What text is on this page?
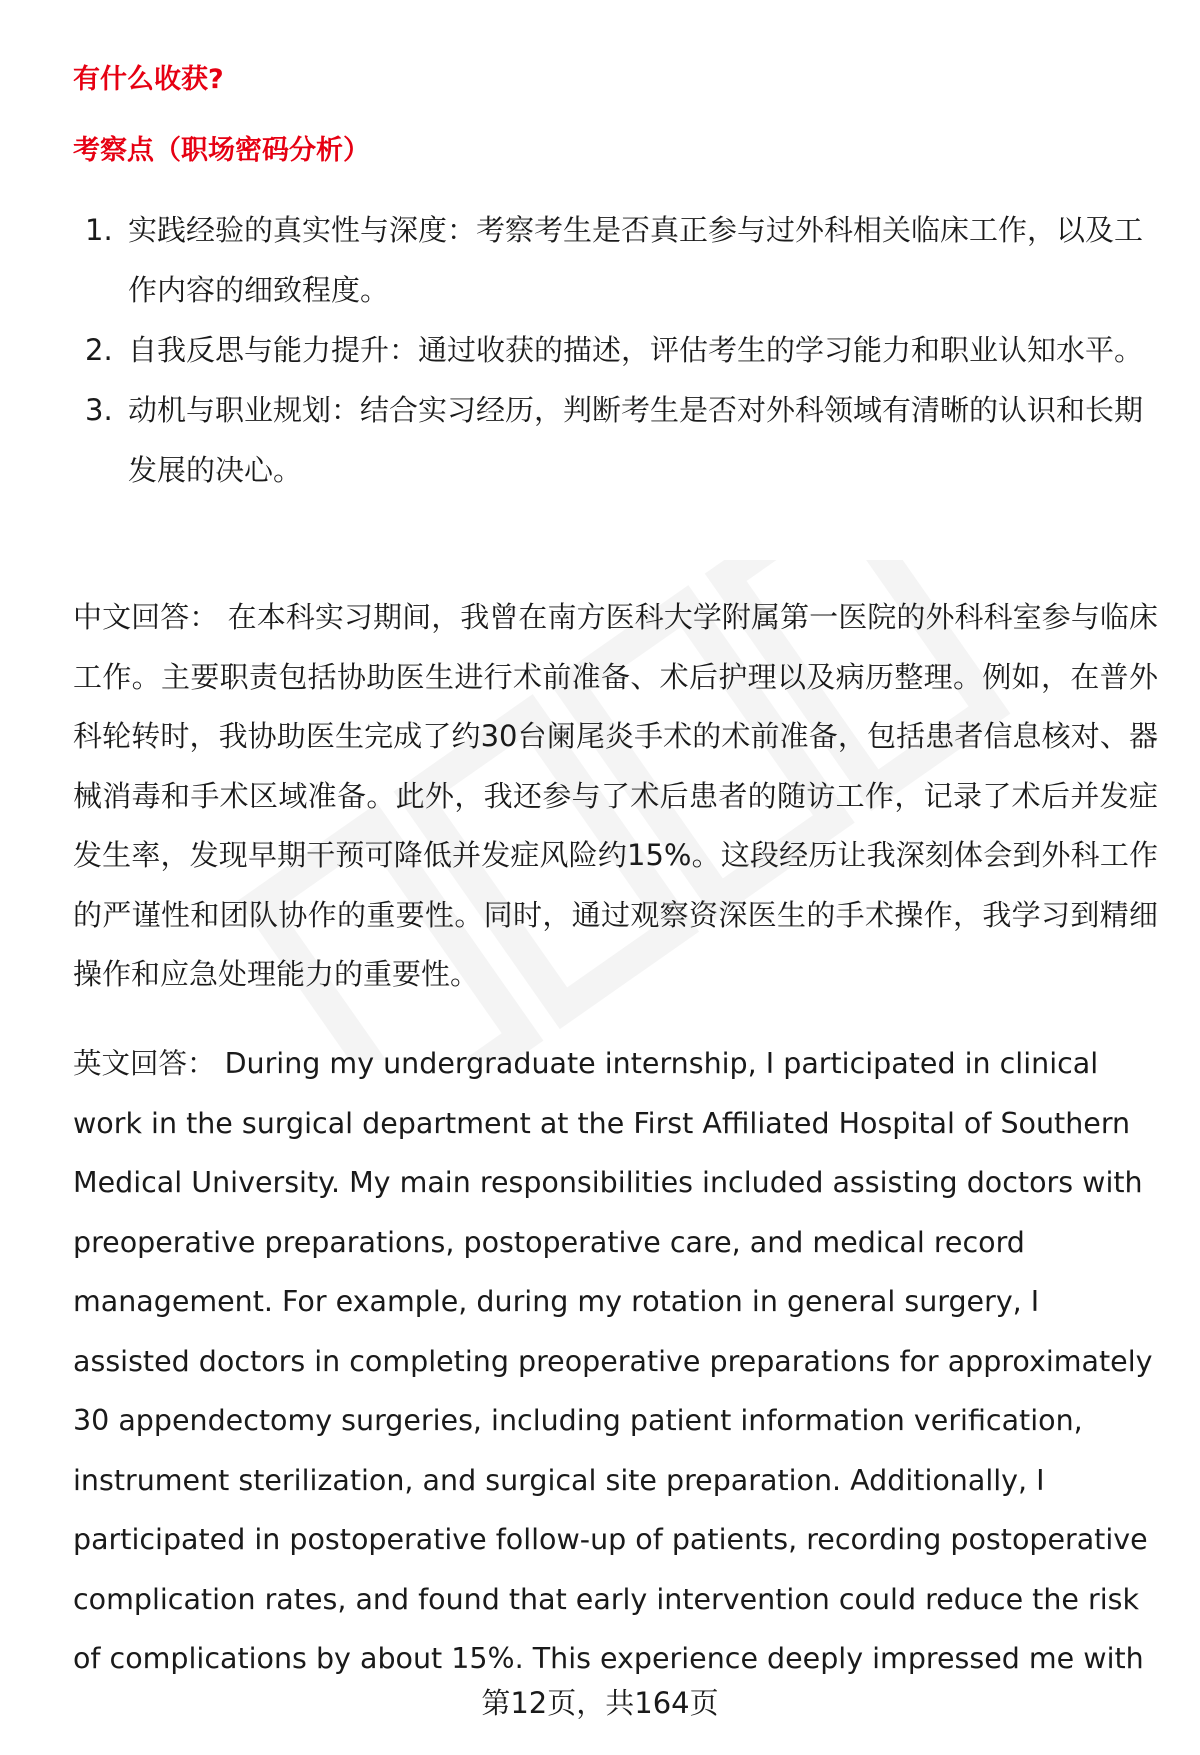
有什么收获?
考察点（职场密码分析）
1. 实践经验的真实性与深度：考察考生是否真正参与过外科相关临床工作，以及工作内容的细致程度。
2. 自我反思与能力提升：通过收获的描述，评估考生的学习能力和职业认知水平。
3. 动机与职业规划：结合实习经历，判断考生是否对外科领域有清晰的认识和长期发展的决心。

中文回答： 在本科实习期间，我曾在南方医科大学附属第一医院的外科科室参与临床工作。主要职责包括协助医生进行术前准备、术后护理以及病历整理。例如，在普外科轮转时，我协助医生完成了约30台阑尾炎手术的术前准备，包括患者信息核对、器械消毒和手术区域准备。此外，我还参与了术后患者的随访工作，记录了术后并发症发生率，发现早期干预可降低并发症风险约15%。这段经历让我深刻体会到外科工作的严谨性和团队协作的重要性。同时，通过观察资深医生的手术操作，我学习到精细操作和应急处理能力的重要性。

英文回答： During my undergraduate internship, I participated in clinical work in the surgical department at the First Affiliated Hospital of Southern Medical University. My main responsibilities included assisting doctors with preoperative preparations, postoperative care, and medical record management. For example, during my rotation in general surgery, I assisted doctors in completing preoperative preparations for approximately 30 appendectomy surgeries, including patient information verification, instrument sterilization, and surgical site preparation. Additionally, I participated in postoperative follow-up of patients, recording postoperative complication rates, and found that early intervention could reduce the risk of complications by about 15%. This experience deeply impressed me with

第12页，共164页
